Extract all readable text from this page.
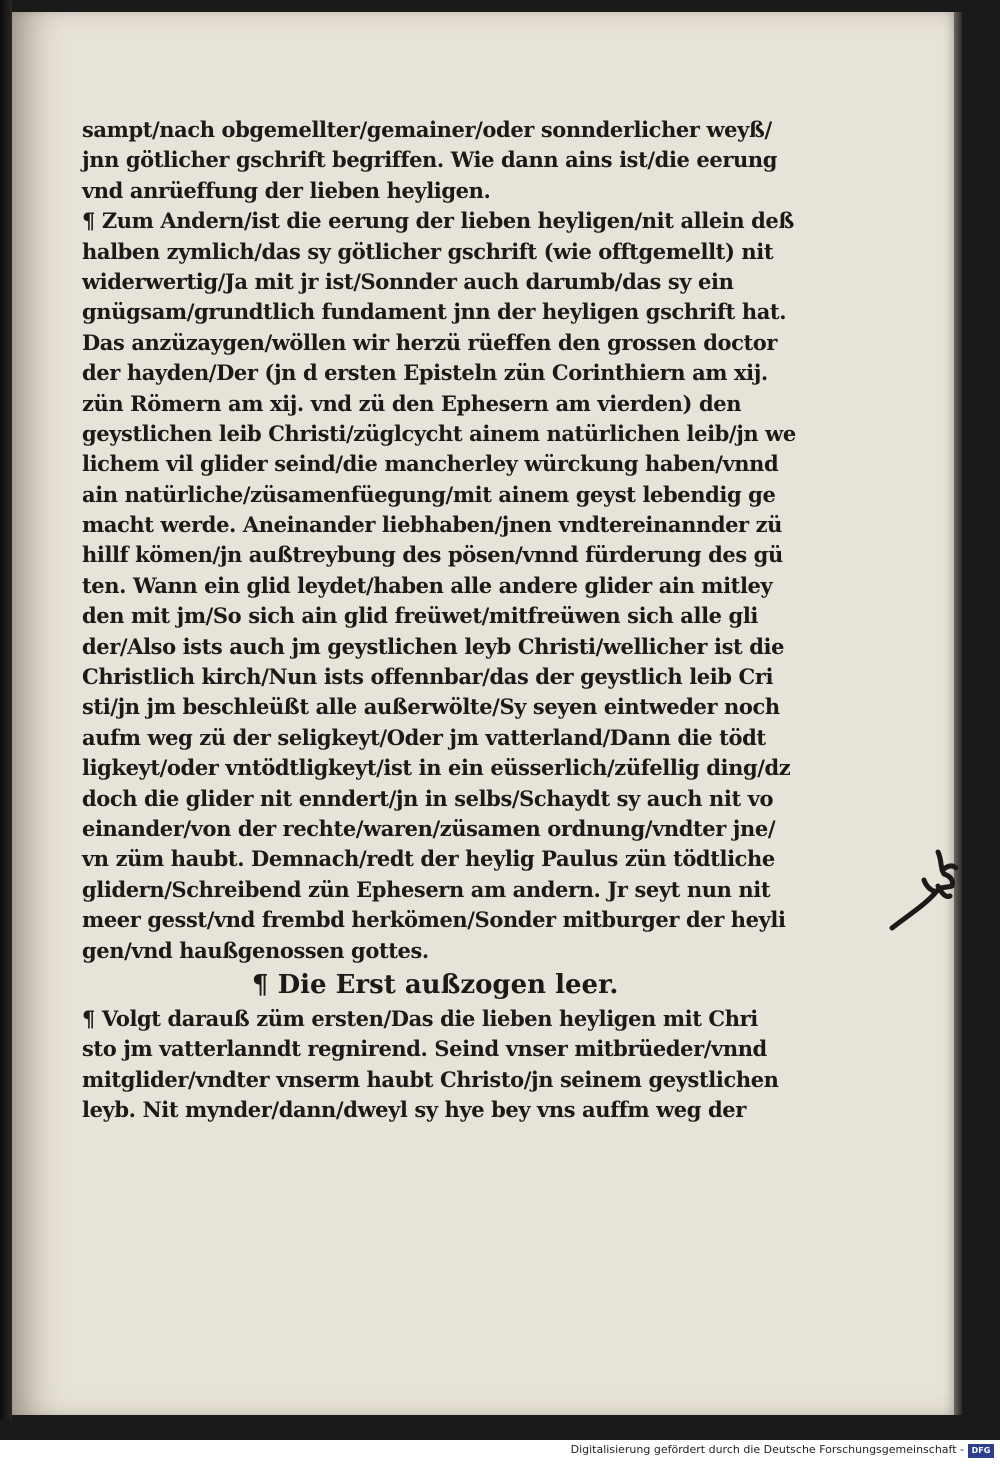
sampt/nach obgemellter/gemainer/oder sonnderlicher weyß/
jnn götlicher gschrift begriffen. Wie dann ains ist/die eerung
vnd anrüeffung der lieben heyligen.
¶ Zum Andern/ist die eerung der lieben heyligen/nit allein deß
halben zymlich/das sy götlicher gschrift (wie offtgemellt) nit
widerwertig/Ja mit jr ist/Sonnder auch darumb/das sy ein
gnügsam/grundtlich fundament jnn der heyligen gschrift hat.
Das anzüzaygen/wöllen wir herzü rüeffen den grossen doctor
der hayden/Der (jn d ersten Episteln zün Corinthiern am xij.
zün Römern am xij. vnd zü den Ephesern am vierden) den
geystlichen leib Christi/züglcycht ainem natürlichen leib/jn we
lichem vil glider seind/die mancherley würckung haben/vnnd
ain natürliche/züsamenfüegung/mit ainem geyst lebendig ge
macht werde. Aneinander liebhaben/jnen vndtereinannder zü
hillf kömen/jn außtreybung des pösen/vnnd fürderung des gü
ten. Wann ein glid leydet/haben alle andere glider ain mitley
den mit jm/So sich ain glid freüwet/mitfreüwen sich alle gli
der/Also ists auch jm geystlichen leyb Christi/wellicher ist die
Christlich kirch/Nun ists offennbar/das der geystlich leib Cri
sti/jn jm beschleüßt alle außerwölte/Sy seyen eintweder noch
aufm weg zü der seligkeyt/Oder jm vatterland/Dann die tödt
ligkeyt/oder vntödtligkeyt/ist in ein eüsserlich/züfellig ding/dz
doch die glider nit enndert/jn in selbs/Schaydt sy auch nit vo
einander/von der rechte/waren/züsamen ordnung/vndter jne/
vn züm haubt. Demnach/redt der heylig Paulus zün tödtliche
glidern/Schreibend zün Ephesern am andern. Jr seyt nun nit
meer gesst/vnd frembd herkömen/Sonder mitburger der heyli
gen/vnd haußgenossen gottes.
¶ Die Erst außzogen leer.
¶ Volgt darauß züm ersten/Das die lieben heyligen mit Chri
sto jm vatterlanndt regnirend. Seind vnser mitbrüeder/vnnd
mitglider/vndter vnserm haubt Christo/jn seinem geystlichen
leyb. Nit mynder/dann/dweyl sy hye bey vns auffm weg der
Digitalisierung gefördert durch die Deutsche Forschungsgemeinschaft - DFG
